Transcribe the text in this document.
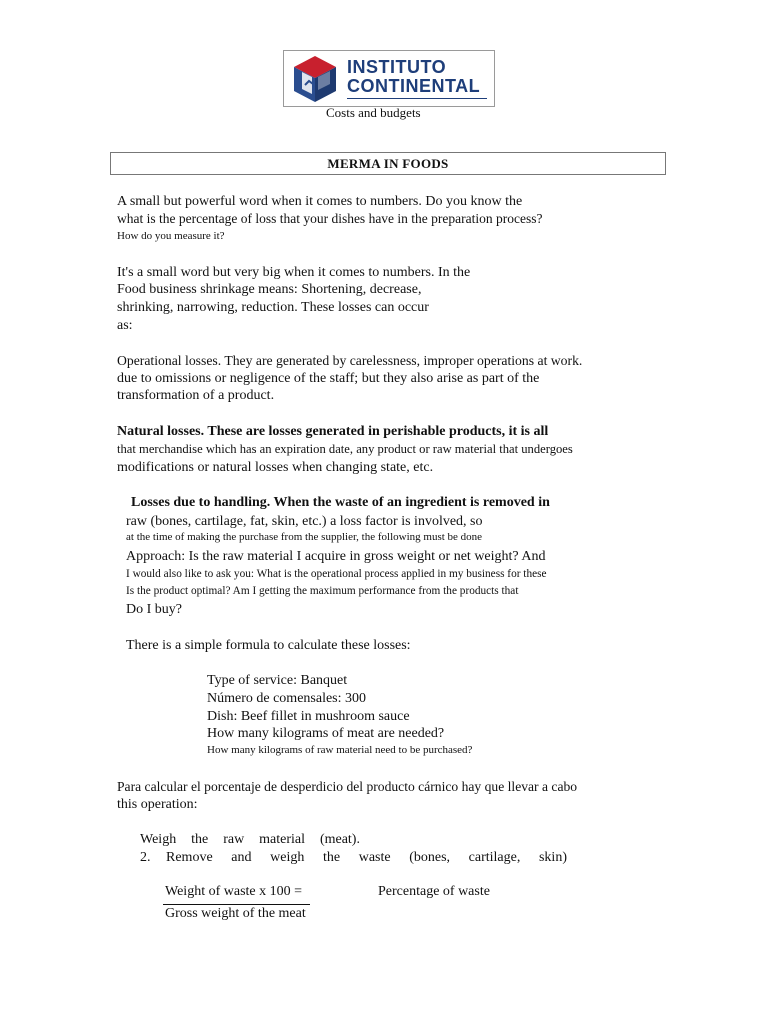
INSTITUTO
CONTINENTAL
Costs and budgets
MERMA IN FOODS
A small but powerful word when it comes to numbers. Do you know the
what is the percentage of loss that your dishes have in the preparation process?
How do you measure it?
It's a small word but very big when it comes to numbers. In the
Food business shrinkage means: Shortening, decrease,
shrinking, narrowing, reduction. These losses can occur
as:
Operational losses. They are generated by carelessness, improper operations at work.
due to omissions or negligence of the staff; but they also arise as part of the
transformation of a product.
Natural losses. These are losses generated in perishable products, it is all
that merchandise which has an expiration date, any product or raw material that undergoes
modifications or natural losses when changing state, etc.
Losses due to handling. When the waste of an ingredient is removed in
raw (bones, cartilage, fat, skin, etc.) a loss factor is involved, so
at the time of making the purchase from the supplier, the following must be done
Approach: Is the raw material I acquire in gross weight or net weight? And
I would also like to ask you: What is the operational process applied in my business for these
Is the product optimal? Am I getting the maximum performance from the products that
Do I buy?
There is a simple formula to calculate these losses:
Type of service: Banquet
Número de comensales: 300
Dish: Beef fillet in mushroom sauce
How many kilograms of meat are needed?
How many kilograms of raw material need to be purchased?
Para calcular el porcentaje de desperdicio del producto cárnico hay que llevar a cabo
this operation:
Weigh the raw material (meat).
2. Remove and weigh the waste (bones, cartilage, skin)
Weight of waste x 100 =	Percentage of waste
Gross weight of the meat
